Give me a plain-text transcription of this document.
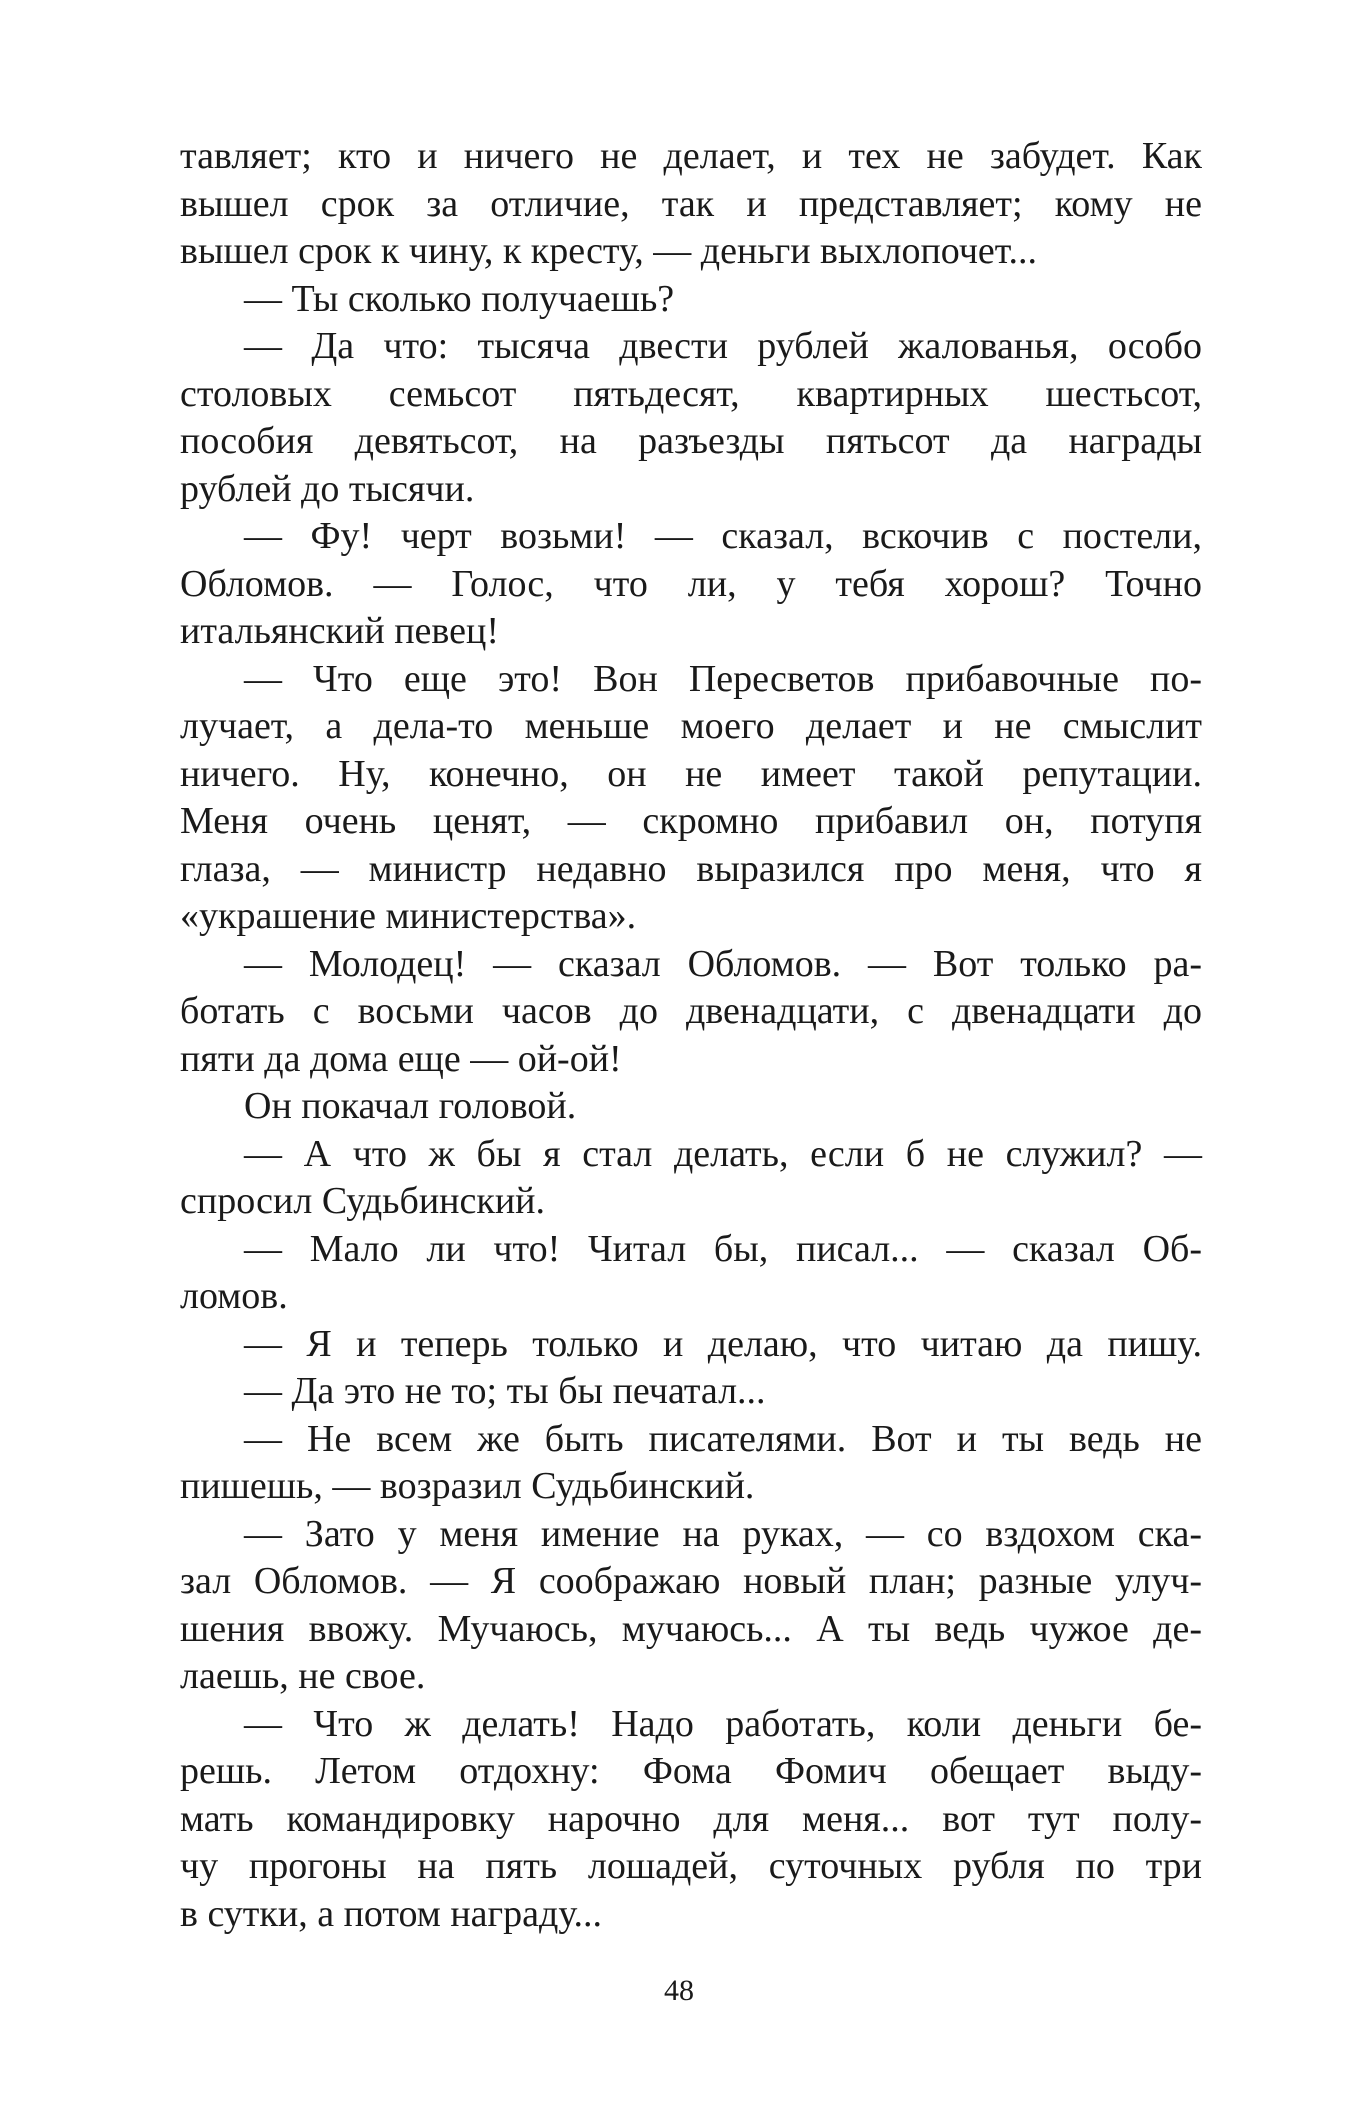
тавляет; кто и ничего не делает, и тех не забудет. Как
вышел срок за отличие, так и представляет; кому не
вышел срок к чину, к кресту, — деньги выхлопочет...
— Ты сколько получаешь?
— Да что: тысяча двести рублей жалованья, особо
столовых семьсот пятьдесят, квартирных шестьсот,
пособия девятьсот, на разъезды пятьсот да награды
рублей до тысячи.
— Фу! черт возьми! — сказал, вскочив с постели,
Обломов. — Голос, что ли, у тебя хорош? Точно
итальянский певец!
— Что еще это! Вон Пересветов прибавочные по-
лучает, а дела-то меньше моего делает и не смыслит
ничего. Ну, конечно, он не имеет такой репутации.
Меня очень ценят, — скромно прибавил он, потупя
глаза, — министр недавно выразился про меня, что я
«украшение министерства».
— Молодец! — сказал Обломов. — Вот только ра-
ботать с восьми часов до двенадцати, с двенадцати до
пяти да дома еще — ой-ой!
Он покачал головой.
— А что ж бы я стал делать, если б не служил? —
спросил Судьбинский.
— Мало ли что! Читал бы, писал... — сказал Об-
ломов.
— Я и теперь только и делаю, что читаю да пишу.
— Да это не то; ты бы печатал...
— Не всем же быть писателями. Вот и ты ведь не
пишешь, — возразил Судьбинский.
— Зато у меня имение на руках, — со вздохом ска-
зал Обломов. — Я соображаю новый план; разные улуч-
шения ввожу. Мучаюсь, мучаюсь... А ты ведь чужое де-
лаешь, не свое.
— Что ж делать! Надо работать, коли деньги бе-
решь. Летом отдохну: Фома Фомич обещает выду-
мать командировку нарочно для меня... вот тут полу-
чу прогоны на пять лошадей, суточных рубля по три
в сутки, а потом награду...
48
